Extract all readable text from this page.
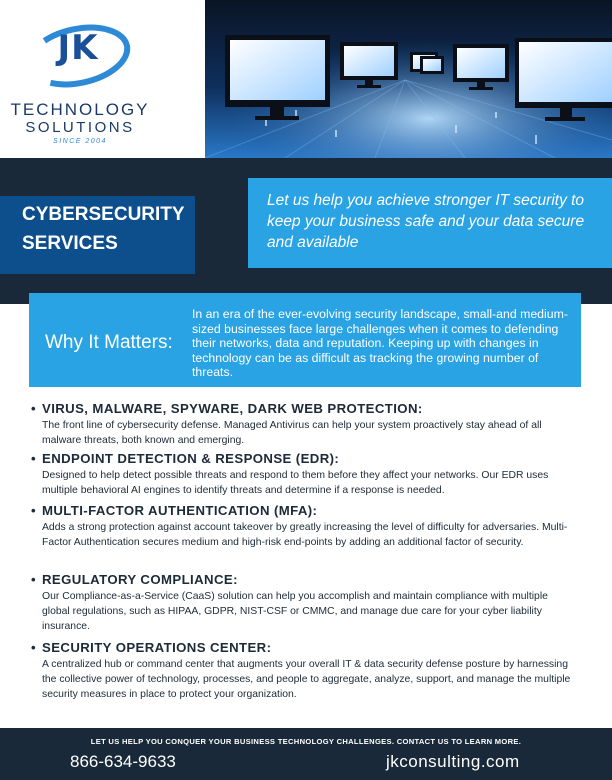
JK
TECHNOLOGY
SOLUTIONS
SINCE 2004
CYBERSECURITY
SERVICES
Let us help you achieve stronger IT security to keep your business safe and your data secure and available
Why It Matters:
In an era of the ever-evolving security landscape, small-and medium-sized businesses face large challenges when it comes to defending their networks, data and reputation. Keeping up with changes in technology can be as difficult as tracking the growing number of threats.
• VIRUS, MALWARE, SPYWARE, DARK WEB PROTECTION:
The front line of cybersecurity defense. Managed Antivirus can help your system proactively stay ahead of all malware threats, both known and emerging.
• ENDPOINT DETECTION & RESPONSE (EDR):
Designed to help detect possible threats and respond to them before they affect your networks. Our EDR uses multiple behavioral AI engines to identify threats and determine if a response is needed.
• MULTI-FACTOR AUTHENTICATION (MFA):
Adds a strong protection against account takeover by greatly increasing the level of difficulty for adversaries. Multi-Factor Authentication secures medium and high-risk end-points by adding an additional factor of security.
• REGULATORY COMPLIANCE:
Our Compliance-as-a-Service (CaaS) solution can help you accomplish and maintain compliance with multiple global regulations, such as HIPAA, GDPR, NIST-CSF or CMMC, and manage due care for your cyber liability insurance.
• SECURITY OPERATIONS CENTER:
A centralized hub or command center that augments your overall IT & data security defense posture by harnessing the collective power of technology, processes, and people to aggregate, analyze, support, and manage the multiple security measures in place to protect your organization.
LET US HELP YOU CONQUER YOUR BUSINESS TECHNOLOGY CHALLENGES. CONTACT US TO LEARN MORE.
866-634-9633	jkconsulting.com
